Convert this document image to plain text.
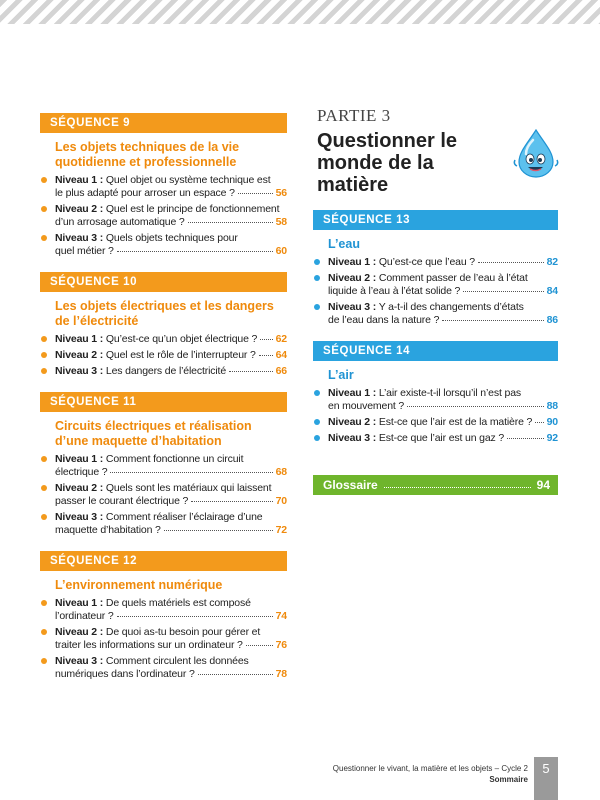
SÉQUENCE 9
Les objets techniques de la vie quotidienne et professionnelle
Niveau 1 : Quel objet ou système technique est
le plus adapté pour arroser un espace ?	56
Niveau 2 : Quel est le principe de fonctionnement
d’un arrosage automatique ?	58
Niveau 3 : Quels objets techniques pour
quel métier ?	60
SÉQUENCE 10
Les objets électriques et les dangers de l’électricité
Niveau 1 : Qu’est-ce qu’un objet électrique ? 62
Niveau 2 : Quel est le rôle de l’interrupteur ? 64
Niveau 3 : Les dangers de l’électricité	66
SÉQUENCE 11
Circuits électriques et réalisation d’une maquette d’habitation
Niveau 1 : Comment fonctionne un circuit
électrique ?	68
Niveau 2 : Quels sont les matériaux qui laissent
passer le courant électrique ?	70
Niveau 3 : Comment réaliser l’éclairage d’une
maquette d’habitation ?	72
SÉQUENCE 12
L’environnement numérique
Niveau 1 : De quels matériels est composé
l’ordinateur ?	74
Niveau 2 : De quoi as-tu besoin pour gérer et
traiter les informations sur un ordinateur ?	76
Niveau 3 : Comment circulent les données
numériques dans l’ordinateur ?	78
PARTIE 3
Questionner le monde de la matière
SÉQUENCE 13
L’eau
Niveau 1 : Qu’est-ce que l’eau ?	82
Niveau 2 : Comment passer de l’eau à l’état
liquide à l’eau à l’état solide ?	84
Niveau 3 : Y a-t-il des changements d’états
de l’eau dans la nature ?	86
SÉQUENCE 14
L’air
Niveau 1 : L’air existe-t-il lorsqu’il n’est pas
en mouvement ?	88
Niveau 2 : Est-ce que l’air est de la matière ? 90
Niveau 3 : Est-ce que l’air est un gaz ?	92
Glossaire	94
Questionner le vivant, la matière et les objets – Cycle 2
Sommaire
5
